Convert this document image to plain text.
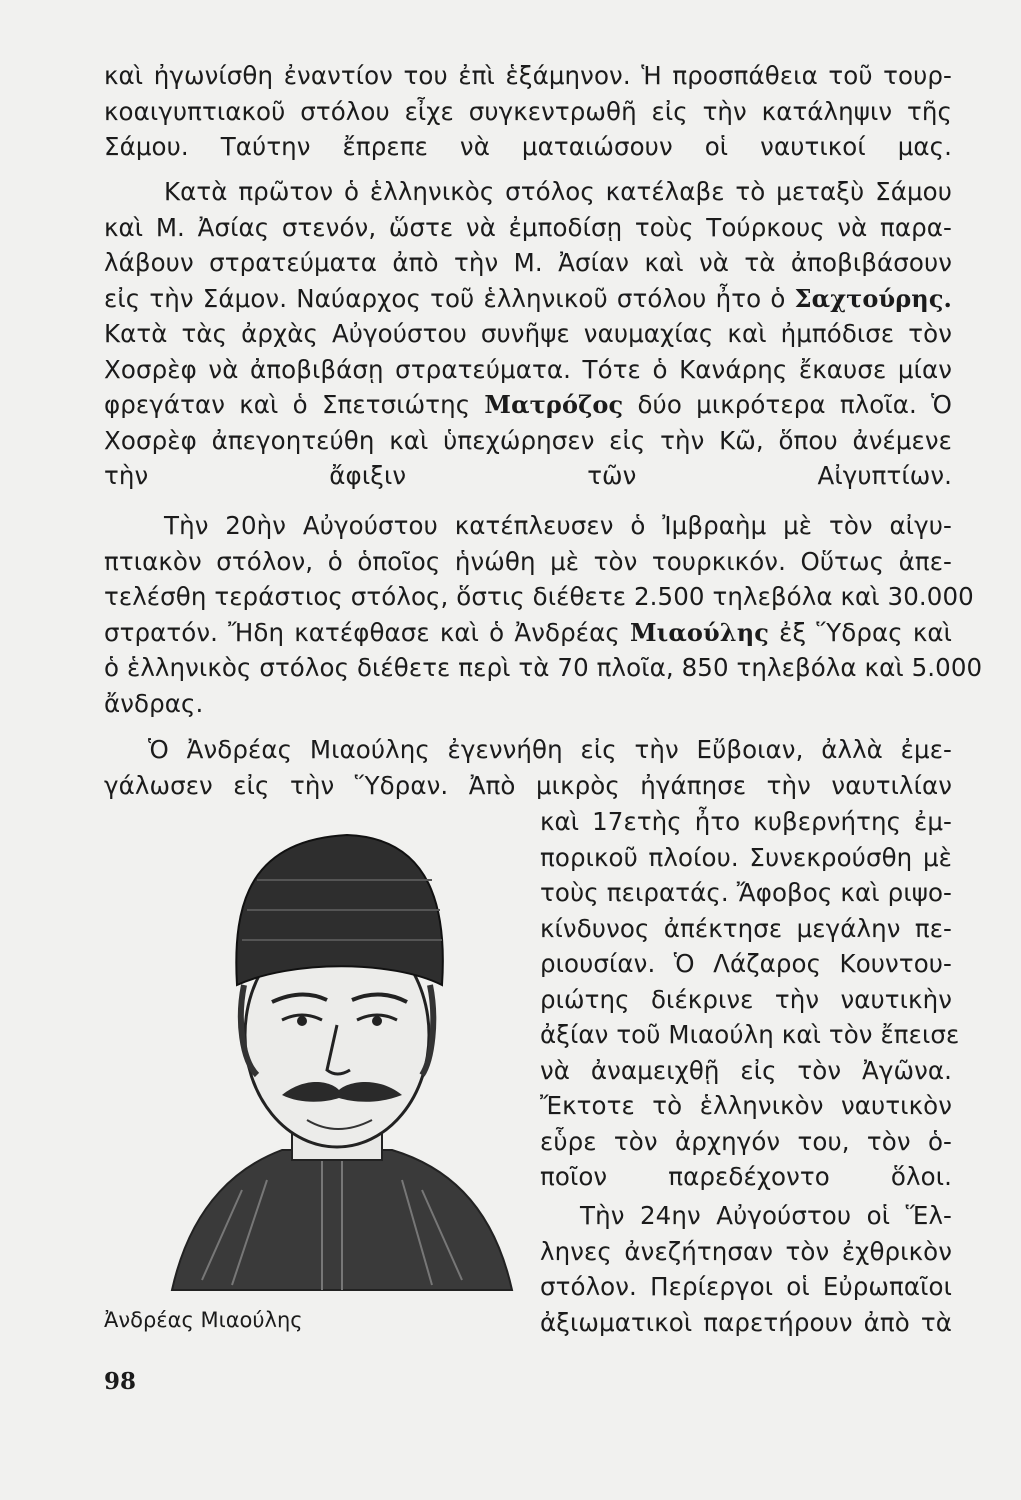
καὶ ἠγωνίσθη ἐναντίον του ἐπὶ ἑξάμηνον. Ἡ προσπάθεια τοῦ τουρ-
κοαιγυπτιακοῦ στόλου εἶχε συγκεντρωθῆ εἰς τὴν κατάληψιν τῆς
Σάμου. Ταύτην ἔπρεπε νὰ ματαιώσουν οἱ ναυτικοί μας.

Κατὰ πρῶτον ὁ ἑλληνικὸς στόλος κατέλαβε τὸ μεταξὺ Σάμου
καὶ Μ. Ἀσίας στενόν, ὥστε νὰ ἐμποδίσῃ τοὺς Τούρκους νὰ παρα-
λάβουν στρατεύματα ἀπὸ τὴν Μ. Ἀσίαν καὶ νὰ τὰ ἀποβιβάσουν
εἰς τὴν Σάμον. Ναύαρχος τοῦ ἑλληνικοῦ στόλου ἦτο ὁ Σαχτούρης.
Κατὰ τὰς ἀρχὰς Αὐγούστου συνῆψε ναυμαχίας καὶ ἠμπόδισε τὸν
Χοσρὲφ νὰ ἀποβιβάσῃ στρατεύματα. Τότε ὁ Κανάρης ἔκαυσε μίαν
φρεγάταν καὶ ὁ Σπετσιώτης Ματρόζος δύο μικρότερα πλοῖα. Ὁ
Χοσρὲφ ἀπεγοητεύθη καὶ ὑπεχώρησεν εἰς τὴν Κῶ, ὅπου ἀνέμενε
τὴν ἄφιξιν τῶν Αἰγυπτίων.

Τὴν 20ὴν Αὐγούστου κατέπλευσεν ὁ Ἰμβραὴμ μὲ τὸν αἰγυ-
πτιακὸν στόλον, ὁ ὁποῖος ἡνώθη μὲ τὸν τουρκικόν. Οὕτως ἀπε-
τελέσθη τεράστιος στόλος, ὅστις διέθετε 2.500 τηλεβόλα καὶ 30.000
στρατόν. Ἤδη κατέφθασε καὶ ὁ Ἀνδρέας Μιαούλης ἐξ Ὕδρας καὶ
ὁ ἑλληνικὸς στόλος διέθετε περὶ τὰ 70 πλοῖα, 850 τηλεβόλα καὶ 5.000
ἄνδρας.

Ὁ Ἀνδρέας Μιαούλης ἐγεννήθη εἰς τὴν Εὔβοιαν, ἀλλὰ ἐμε-
γάλωσεν εἰς τὴν Ὕδραν. Ἀπὸ μικρὸς ἠγάπησε τὴν ναυτιλίαν

καὶ 17ετὴς ἦτο κυβερνήτης ἐμ-
πορικοῦ πλοίου. Συνεκρούσθη μὲ
τοὺς πειρατάς. Ἄφοβος καὶ ριψο-
κίνδυνος ἀπέκτησε μεγάλην πε-
ριουσίαν. Ὁ Λάζαρος Κουντου-
ριώτης διέκρινε τὴν ναυτικὴν
ἀξίαν τοῦ Μιαούλη καὶ τὸν ἔπεισε
νὰ ἀναμειχθῇ εἰς τὸν Ἀγῶνα.
Ἔκτοτε τὸ ἑλληνικὸν ναυτικὸν
εὗρε τὸν ἀρχηγόν του, τὸν ὁ-
ποῖον παρεδέχοντο ὅλοι.

Τὴν 24ην Αὐγούστου οἱ Ἕλ-
ληνες ἀνεζήτησαν τὸν ἐχθρικὸν
στόλον. Περίεργοι οἱ Εὐρωπαῖοι
ἀξιωματικοὶ παρετήρουν ἀπὸ τὰ

Ἀνδρέας Μιαούλης
98
